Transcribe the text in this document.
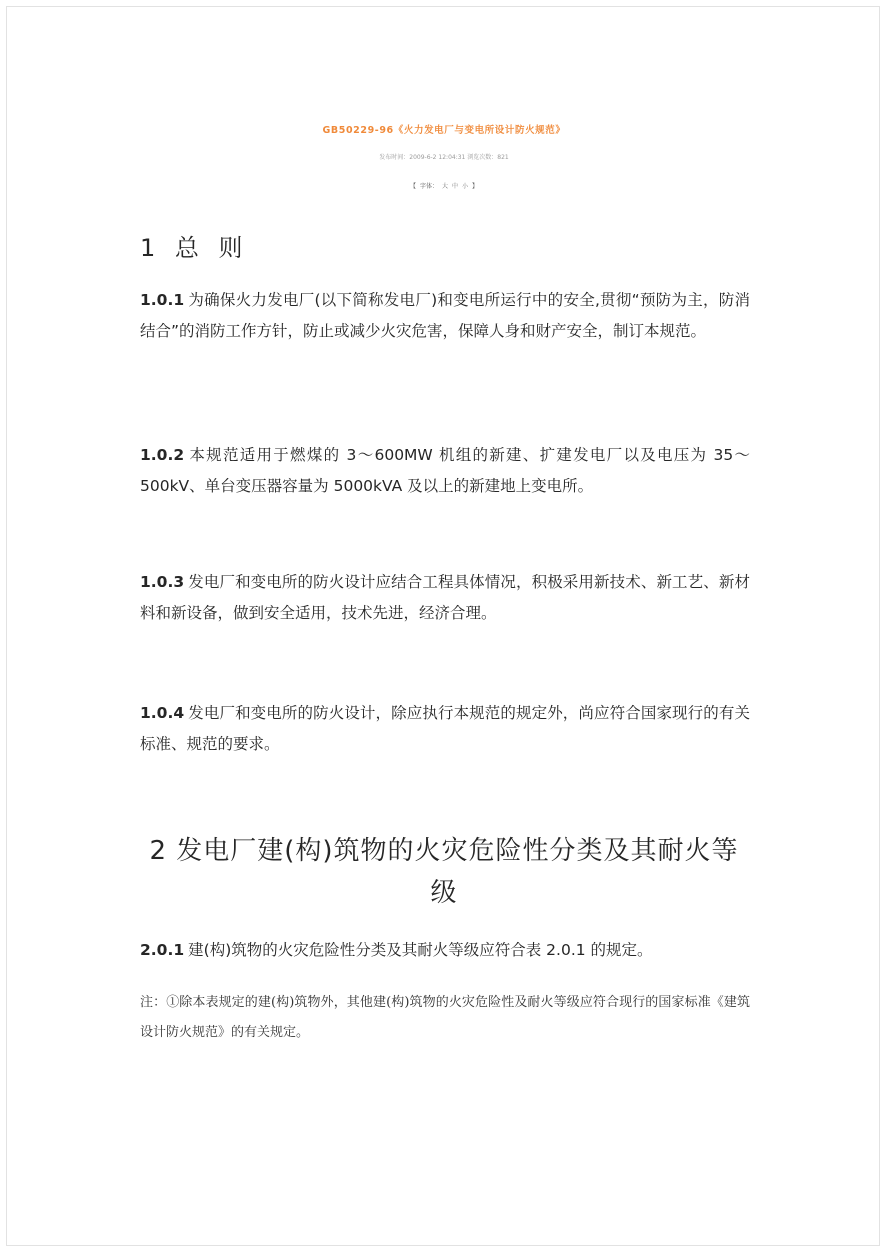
GB50229-96《火力发电厂与变电所设计防火规范》
发布时间：2009-6-2 12:04:31 浏览次数：821
【 字体： 大 中 小 】
1 总 则
1.0.1 为确保火力发电厂(以下简称发电厂)和变电所运行中的安全,贯彻“预防为主，防消结合”的消防工作方针，防止或减少火灾危害，保障人身和财产安全，制订本规范。
1.0.2 本规范适用于燃煤的 3～600MW 机组的新建、扩建发电厂以及电压为 35～500kV、单台变压器容量为 5000kVA 及以上的新建地上变电所。
1.0.3 发电厂和变电所的防火设计应结合工程具体情况，积极采用新技术、新工艺、新材料和新设备，做到安全适用，技术先进，经济合理。
1.0.4 发电厂和变电所的防火设计，除应执行本规范的规定外，尚应符合国家现行的有关标准、规范的要求。
2 发电厂建(构)筑物的火灾危险性分类及其耐火等级
2.0.1 建(构)筑物的火灾危险性分类及其耐火等级应符合表 2.0.1 的规定。
注：①除本表规定的建(构)筑物外，其他建(构)筑物的火灾危险性及耐火等级应符合现行的国家标准《建筑设计防火规范》的有关规定。
